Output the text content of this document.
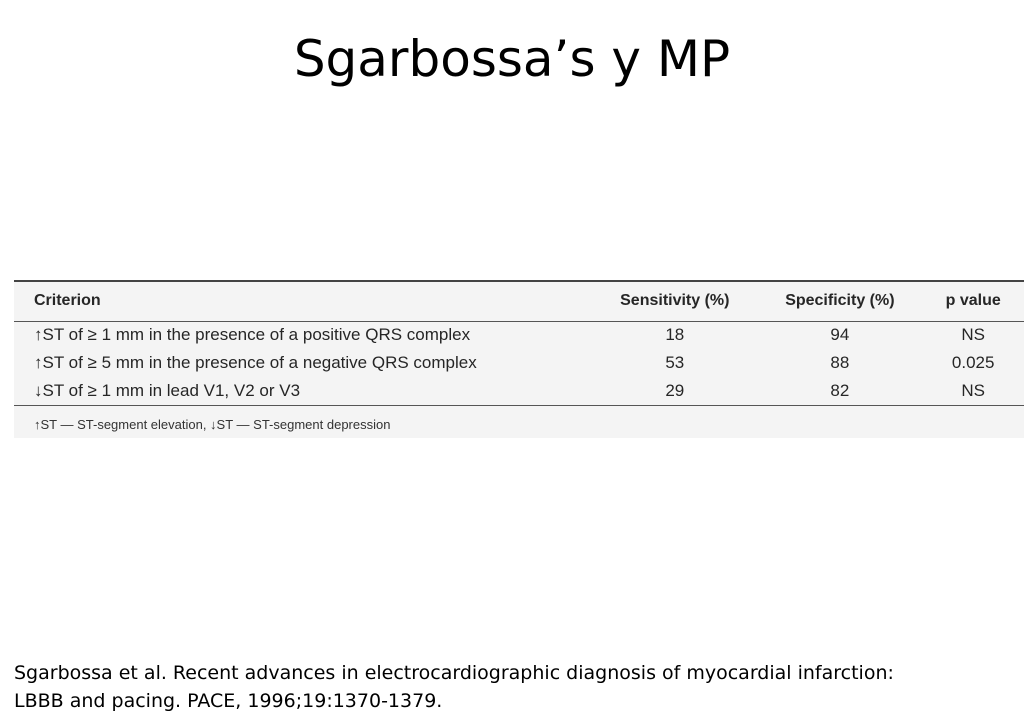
Sgarbossa’s y MP
Criterion	Sensitivity (%)	Specificity (%)	p value
↑ST of ≥ 1 mm in the presence of a positive QRS complex	18	94	NS
↑ST of ≥ 5 mm in the presence of a negative QRS complex	53	88	0.025
↓ST of ≥ 1 mm in lead V1, V2 or V3	29	82	NS
↑ST — ST-segment elevation, ↓ST — ST-segment depression
Sgarbossa et al. Recent advances in electrocardiographic diagnosis of myocardial infarction:
LBBB and pacing. PACE, 1996;19:1370-1379.
